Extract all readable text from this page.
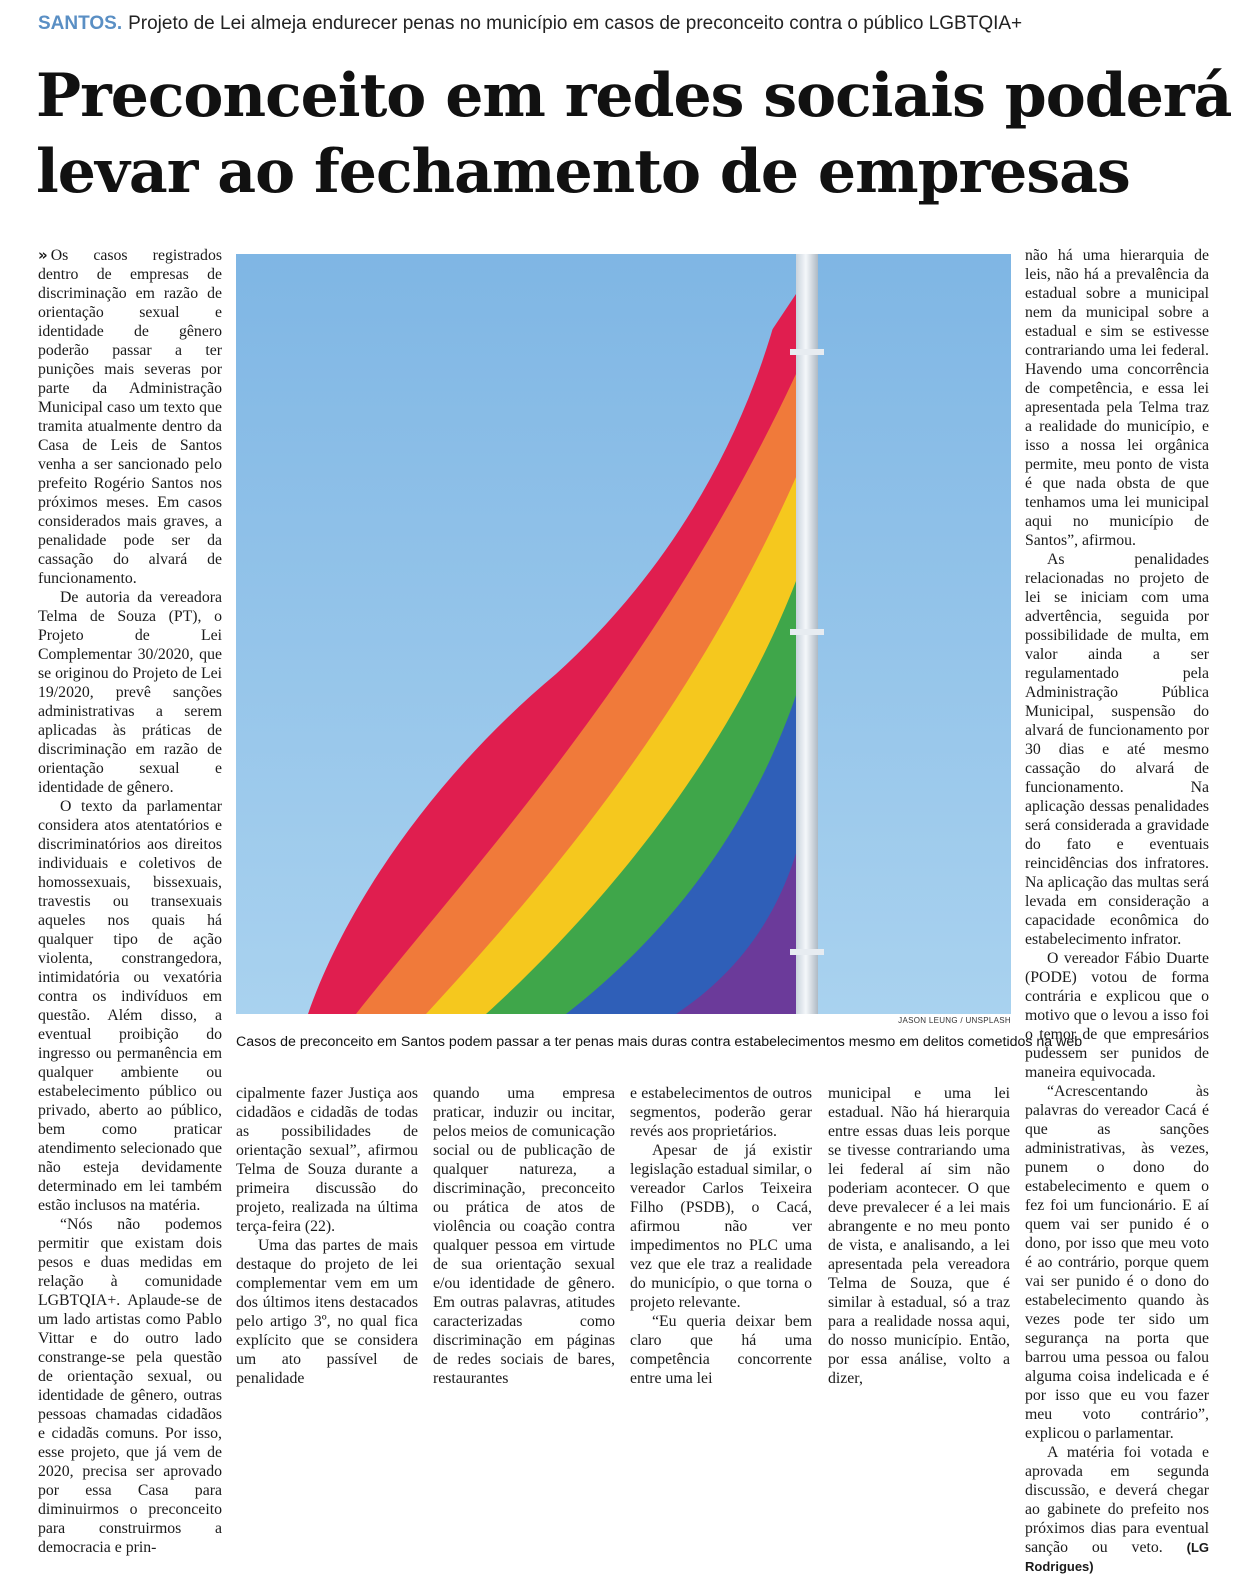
SANTOS. Projeto de Lei almeja endurecer penas no município em casos de preconceito contra o público LGBTQIA+
Preconceito em redes sociais poderá
levar ao fechamento de empresas

» Os casos registrados dentro de empresas de discriminação em razão de orientação sexual e identidade de gênero poderão passar a ter punições mais severas por parte da Administração Municipal caso um texto que tramita atualmente dentro da Casa de Leis de Santos venha a ser sancionado pelo prefeito Rogério Santos nos próximos meses. Em casos considerados mais graves, a penalidade pode ser da cassação do alvará de funcionamento.

De autoria da vereadora Telma de Souza (PT), o Projeto de Lei Complementar 30/2020, que se originou do Projeto de Lei 19/2020, prevê sanções administrativas a serem aplicadas às práticas de discriminação em razão de orientação sexual e identidade de gênero.

O texto da parlamentar considera atos atentatórios e discriminatórios aos direitos individuais e coletivos de homossexuais, bissexuais, travestis ou transexuais aqueles nos quais há qualquer tipo de ação violenta, constrangedora, intimidatória ou vexatória contra os indivíduos em questão. Além disso, a eventual proibição do ingresso ou permanência em qualquer ambiente ou estabelecimento público ou privado, aberto ao público, bem como praticar atendimento selecionado que não esteja devidamente determinado em lei também estão inclusos na matéria.

“Nós não podemos permitir que existam dois pesos e duas medidas em relação à comunidade LGBTQIA+. Aplaude-se de um lado artistas como Pablo Vittar e do outro lado constrange-se pela questão de orientação sexual, ou identidade de gênero, outras pessoas chamadas cidadãos e cidadãs comuns. Por isso, esse projeto, que já vem de 2020, precisa ser aprovado por essa Casa para diminuirmos o preconceito para construirmos a democracia e prin-

JASON LEUNG / UNSPLASH
Casos de preconceito em Santos podem passar a ter penas mais duras contra estabelecimentos mesmo em delitos cometidos na web

cipalmente fazer Justiça aos cidadãos e cidadãs de todas as possibilidades de orientação sexual”, afirmou Telma de Souza durante a primeira discussão do projeto, realizada na última terça-feira (22).

Uma das partes de mais destaque do projeto de lei complementar vem em um dos últimos itens destacados pelo artigo 3º, no qual fica explícito que se considera um ato passível de penalidade

quando uma empresa praticar, induzir ou incitar, pelos meios de comunicação social ou de publicação de qualquer natureza, a discriminação, preconceito ou prática de atos de violência ou coação contra qualquer pessoa em virtude de sua orientação sexual e/ou identidade de gênero. Em outras palavras, atitudes caracterizadas como discriminação em páginas de redes sociais de bares, restaurantes

e estabelecimentos de outros segmentos, poderão gerar revés aos proprietários.

Apesar de já existir legislação estadual similar, o vereador Carlos Teixeira Filho (PSDB), o Cacá, afirmou não ver impedimentos no PLC uma vez que ele traz a realidade do município, o que torna o projeto relevante.

“Eu queria deixar bem claro que há uma competência concorrente entre uma lei

municipal e uma lei estadual. Não há hierarquia entre essas duas leis porque se tivesse contrariando uma lei federal aí sim não poderiam acontecer. O que deve prevalecer é a lei mais abrangente e no meu ponto de vista, e analisando, a lei apresentada pela vereadora Telma de Souza, que é similar à estadual, só a traz para a realidade nossa aqui, do nosso município. Então, por essa análise, volto a dizer,

não há uma hierarquia de leis, não há a prevalência da estadual sobre a municipal nem da municipal sobre a estadual e sim se estivesse contrariando uma lei federal. Havendo uma concorrência de competência, e essa lei apresentada pela Telma traz a realidade do município, e isso a nossa lei orgânica permite, meu ponto de vista é que nada obsta de que tenhamos uma lei municipal aqui no município de Santos”, afirmou.

As penalidades relacionadas no projeto de lei se iniciam com uma advertência, seguida por possibilidade de multa, em valor ainda a ser regulamentado pela Administração Pública Municipal, suspensão do alvará de funcionamento por 30 dias e até mesmo cassação do alvará de funcionamento. Na aplicação dessas penalidades será considerada a gravidade do fato e eventuais reincidências dos infratores. Na aplicação das multas será levada em consideração a capacidade econômica do estabelecimento infrator.

O vereador Fábio Duarte (PODE) votou de forma contrária e explicou que o motivo que o levou a isso foi o temor de que empresários pudessem ser punidos de maneira equivocada.

“Acrescentando às palavras do vereador Cacá é que as sanções administrativas, às vezes, punem o dono do estabelecimento e quem o fez foi um funcionário. E aí quem vai ser punido é o dono, por isso que meu voto é ao contrário, porque quem vai ser punido é o dono do estabelecimento quando às vezes pode ter sido um segurança na porta que barrou uma pessoa ou falou alguma coisa indelicada e é por isso que eu vou fazer meu voto contrário”, explicou o parlamentar.

A matéria foi votada e aprovada em segunda discussão, e deverá chegar ao gabinete do prefeito nos próximos dias para eventual sanção ou veto. (LG Rodrigues)
